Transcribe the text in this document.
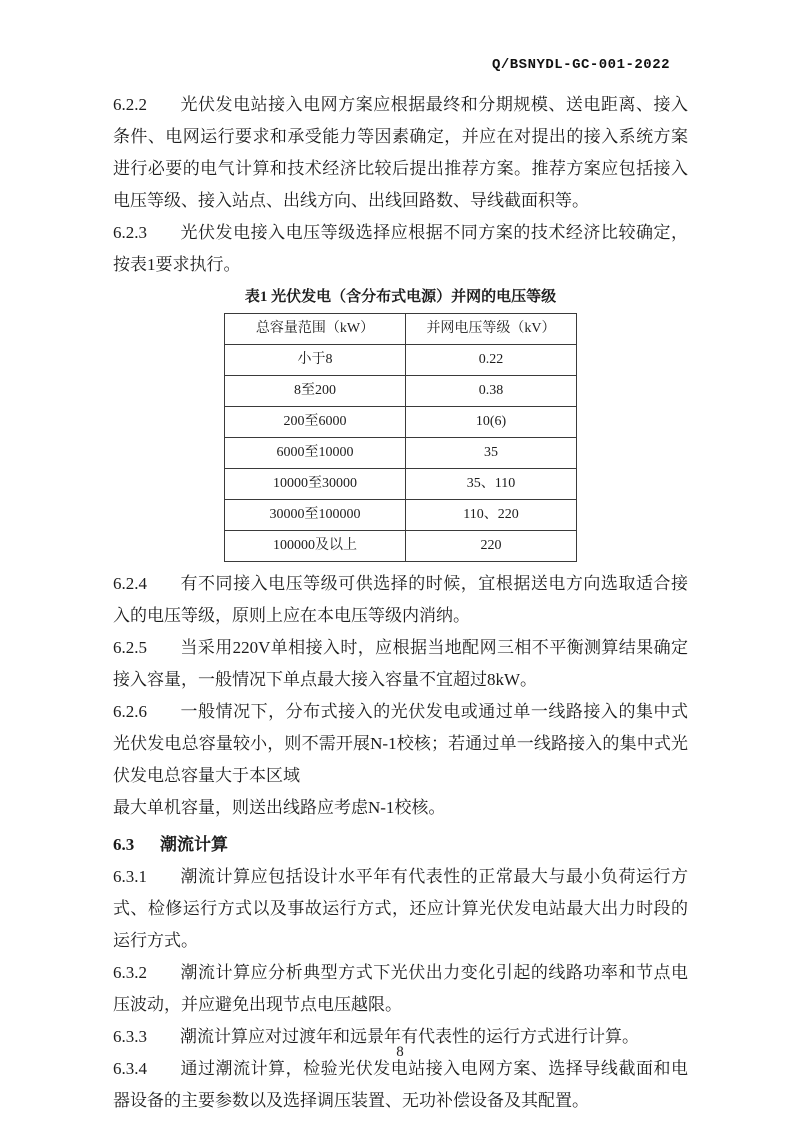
Q/BSNYDL-GC-001-2022

6.2.2 光伏发电站接入电网方案应根据最终和分期规模、送电距离、接入条件、电网运行要求和承受能力等因素确定，并应在对提出的接入系统方案进行必要的电气计算和技术经济比较后提出推荐方案。推荐方案应包括接入电压等级、接入站点、出线方向、出线回路数、导线截面积等。

6.2.3 光伏发电接入电压等级选择应根据不同方案的技术经济比较确定，按表1要求执行。

表1 光伏发电（含分布式电源）并网的电压等级
总容量范围（kW）	并网电压等级（kV）
小于8	0.22
8至200	0.38
200至6000	10(6)
6000至10000	35
10000至30000	35、110
30000至100000	110、220
100000及以上	220

6.2.4 有不同接入电压等级可供选择的时候，宜根据送电方向选取适合接入的电压等级，原则上应在本电压等级内消纳。

6.2.5 当采用220V单相接入时，应根据当地配网三相不平衡测算结果确定接入容量，一般情况下单点最大接入容量不宜超过8kW。

6.2.6 一般情况下，分布式接入的光伏发电或通过单一线路接入的集中式光伏发电总容量较小，则不需开展N-1校核；若通过单一线路接入的集中式光伏发电总容量大于本区域
最大单机容量，则送出线路应考虑N-1校核。

6.3 潮流计算

6.3.1 潮流计算应包括设计水平年有代表性的正常最大与最小负荷运行方式、检修运行方式以及事故运行方式，还应计算光伏发电站最大出力时段的运行方式。

6.3.2 潮流计算应分析典型方式下光伏出力变化引起的线路功率和节点电压波动，并应避免出现节点电压越限。

6.3.3 潮流计算应对过渡年和远景年有代表性的运行方式进行计算。

6.3.4 通过潮流计算，检验光伏发电站接入电网方案、选择导线截面和电器设备的主要参数以及选择调压装置、无功补偿设备及其配置。

8
